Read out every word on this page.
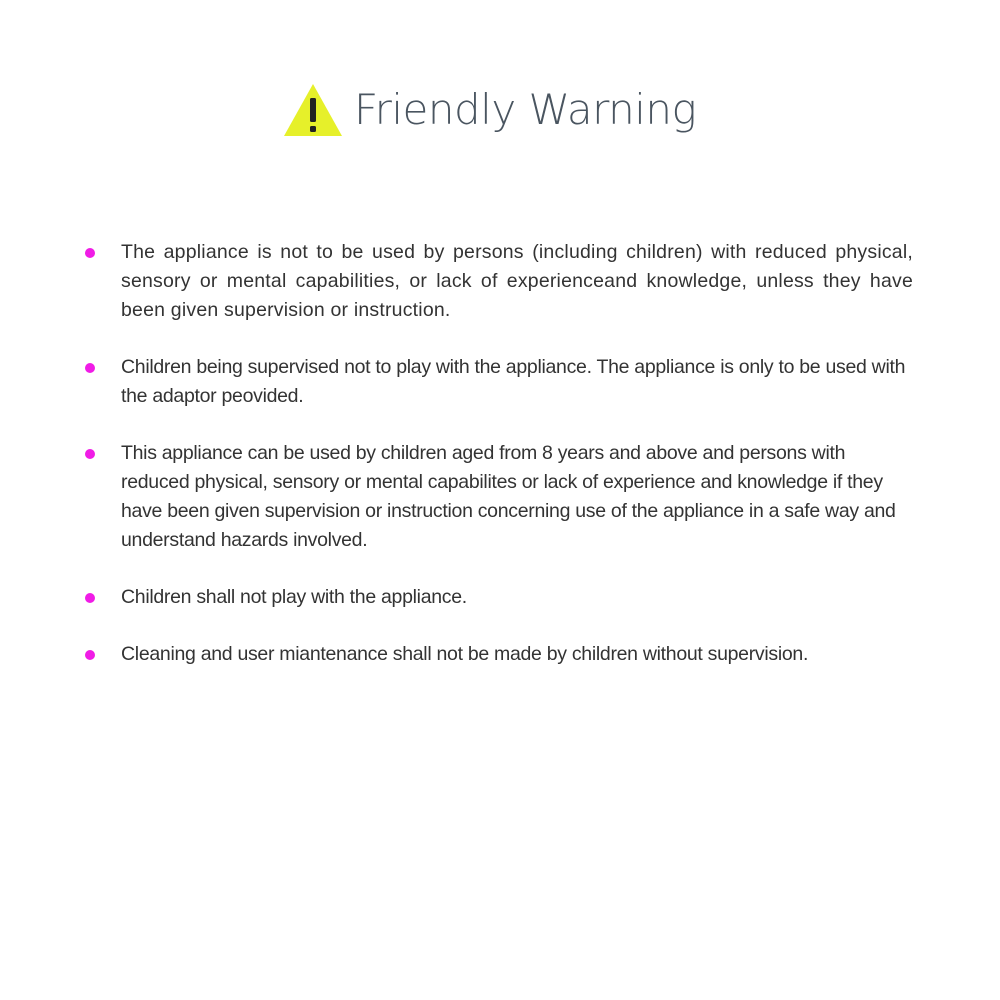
Friendly Warning
The appliance is not to be used by persons (including children) with reduced physical, sensory or mental capabilities, or lack of experienceand knowledge, unless they have been given supervision or instruction.
Children being supervised not to play with the appliance. The appliance is only to be used with the adaptor peovided.
This appliance can be used by children aged from 8 years and above and persons with reduced physical, sensory or mental capabilites or lack of experience and knowledge if they have been given supervision or instruction concerning use of the appliance in a safe way and understand hazards involved.
Children shall not play with the appliance.
Cleaning and user miantenance shall not be made by children without supervision.
